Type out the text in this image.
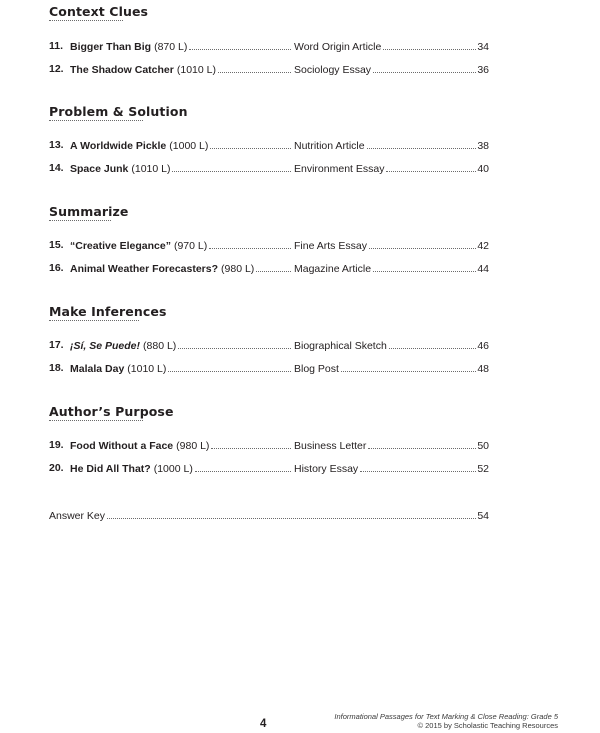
Context Clues
11. Bigger Than Big (870 L)	Word Origin Article	34
12. The Shadow Catcher (1010 L)	Sociology Essay	36
Problem & Solution
13. A Worldwide Pickle (1000 L)	Nutrition Article	38
14. Space Junk (1010 L)	Environment Essay	40
Summarize
15. “Creative Elegance” (970 L)	Fine Arts Essay	42
16. Animal Weather Forecasters? (980 L)	Magazine Article	44
Make Inferences
17. ¡Sí, Se Puede! (880 L)	Biographical Sketch	46
18. Malala Day (1010 L)	Blog Post	48
Author’s Purpose
19. Food Without a Face (980 L)	Business Letter	50
20. He Did All That? (1000 L)	History Essay	52
Answer Key	54
4
Informational Passages for Text Marking & Close Reading: Grade 5
© 2015 by Scholastic Teaching Resources
